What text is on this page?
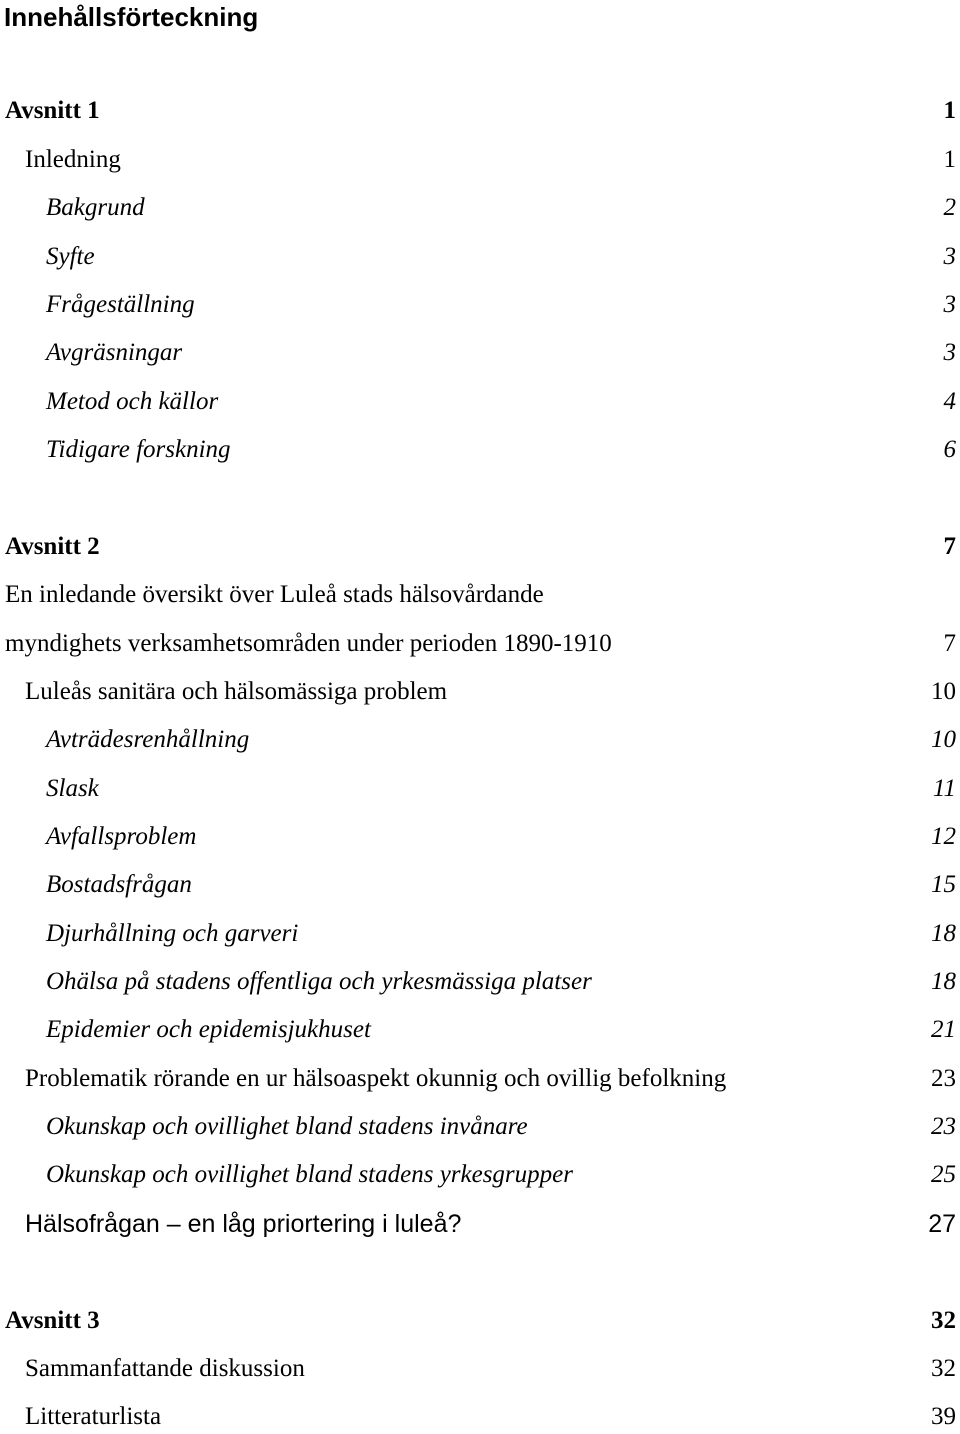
Innehållsförteckning
Avsnitt 1	1
Inledning	1
Bakgrund	2
Syfte	3
Frågeställning	3
Avgräsningar	3
Metod och källor	4
Tidigare forskning	6
Avsnitt 2	7
En inledande översikt över Luleå stads hälsovårdande
myndighets verksamhetsområden under perioden 1890-1910	7
Luleås sanitära och hälsomässiga problem	10
Avträdesrenhållning	10
Slask	11
Avfallsproblem	12
Bostadsfrågan	15
Djurhållning och garveri	18
Ohälsa på stadens offentliga och yrkesmässiga platser	18
Epidemier och epidemisjukhuset	21
Problematik rörande en ur hälsoaspekt okunnig och ovillig befolkning	23
Okunskap och ovillighet bland stadens invånare	23
Okunskap och ovillighet bland stadens yrkesgrupper	25
Hälsofrågan – en låg priortering i luleå?	27
Avsnitt 3	32
Sammanfattande diskussion	32
Litteraturlista	39
